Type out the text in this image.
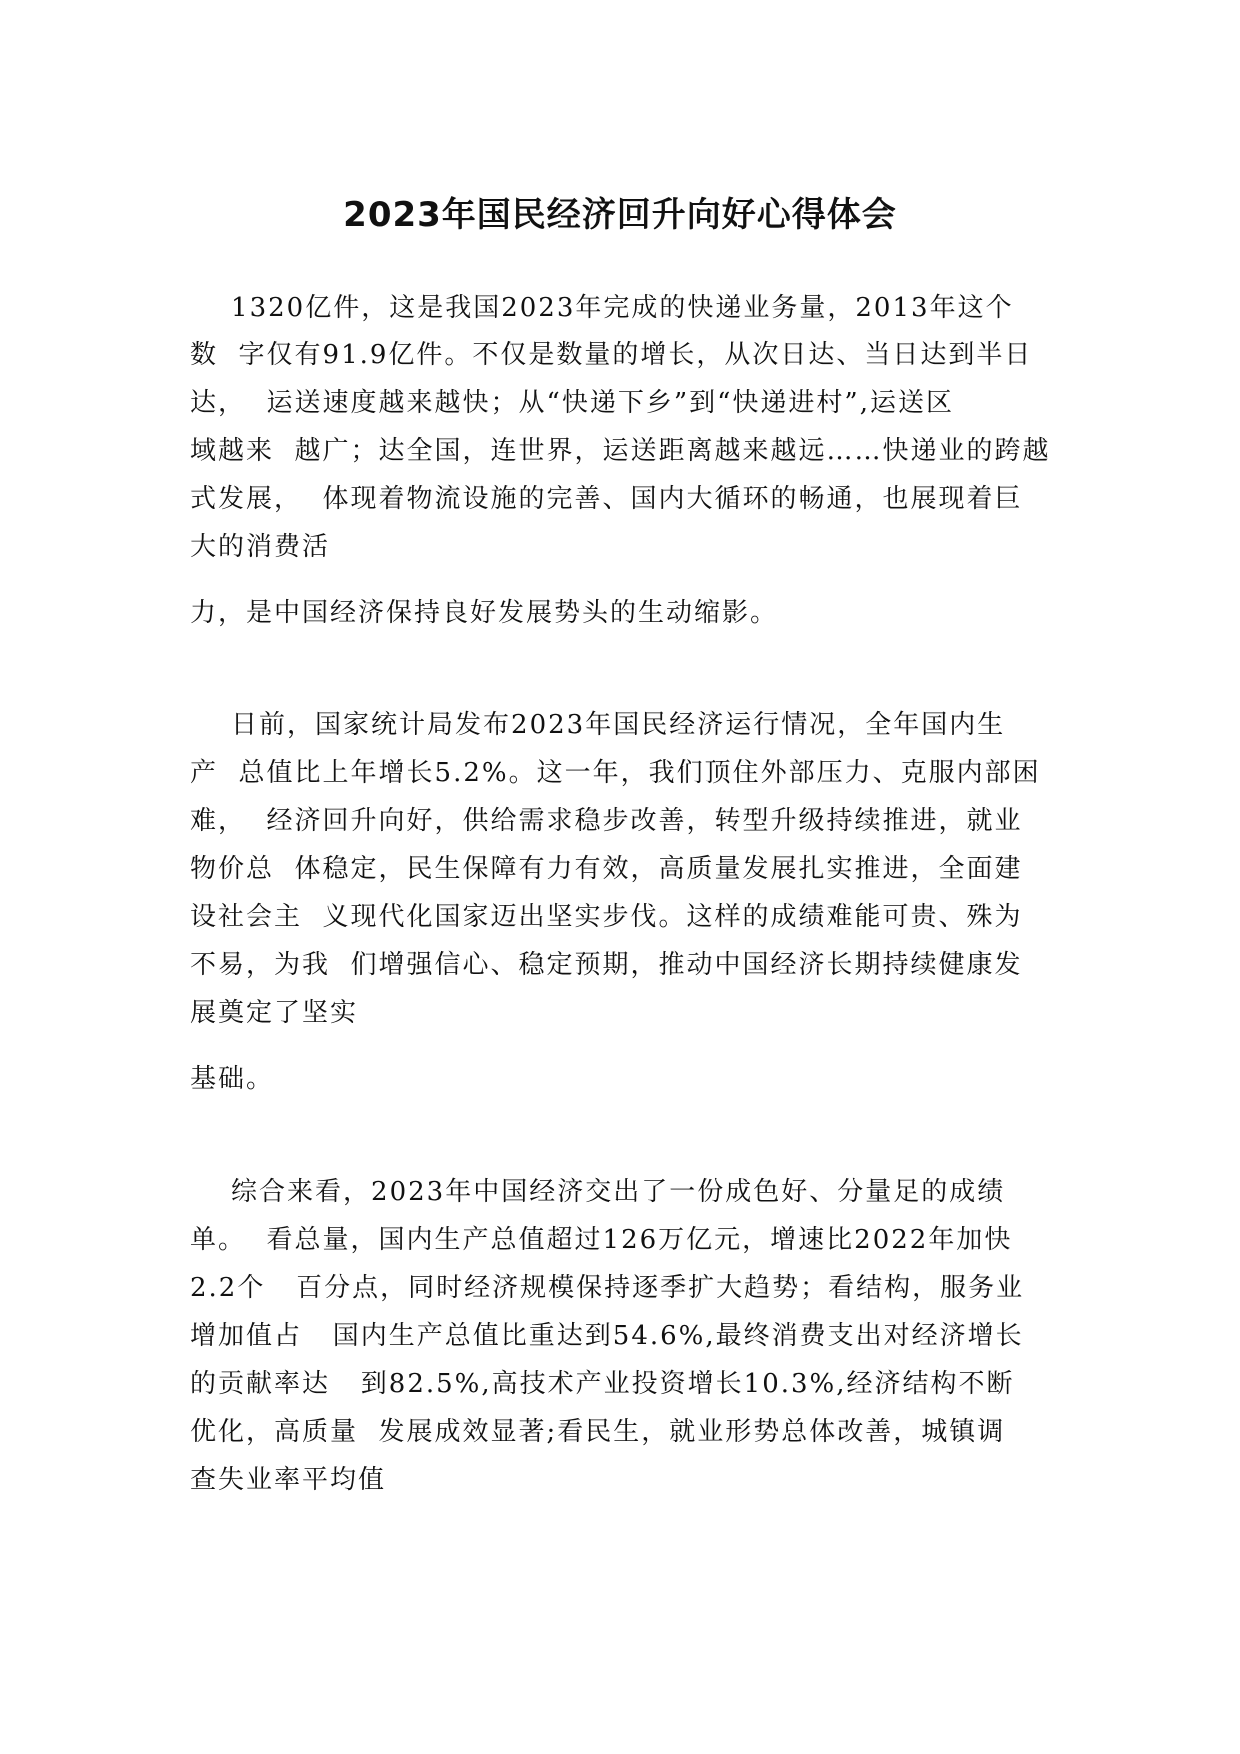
2023年国民经济回升向好心得体会

1320亿件，这是我国2023年完成的快递业务量，2013年这个

数  字仅有91.9亿件。不仅是数量的增长，从次日达、当日达到半日

达，  运送速度越来越快；从“快递下乡”到“快递进村”,运送区

域越来  越广；达全国，连世界，运送距离越来越远……快递业的跨越

式发展，  体现着物流设施的完善、国内大循环的畅通，也展现着巨

大的消费活

力，是中国经济保持良好发展势头的生动缩影。

日前，国家统计局发布2023年国民经济运行情况，全年国内生

产  总值比上年增长5.2%。这一年，我们顶住外部压力、克服内部困

难，  经济回升向好，供给需求稳步改善，转型升级持续推进，就业

物价总  体稳定，民生保障有力有效，高质量发展扎实推进，全面建

设社会主  义现代化国家迈出坚实步伐。这样的成绩难能可贵、殊为

不易，为我  们增强信心、稳定预期，推动中国经济长期持续健康发

展奠定了坚实

基础。

综合来看，2023年中国经济交出了一份成色好、分量足的成绩

单。  看总量，国内生产总值超过126万亿元，增速比2022年加快

2.2个   百分点，同时经济规模保持逐季扩大趋势；看结构，服务业

增加值占   国内生产总值比重达到54.6%,最终消费支出对经济增长

的贡献率达   到82.5%,高技术产业投资增长10.3%,经济结构不断

优化，高质量  发展成效显著;看民生，就业形势总体改善，城镇调

查失业率平均值
